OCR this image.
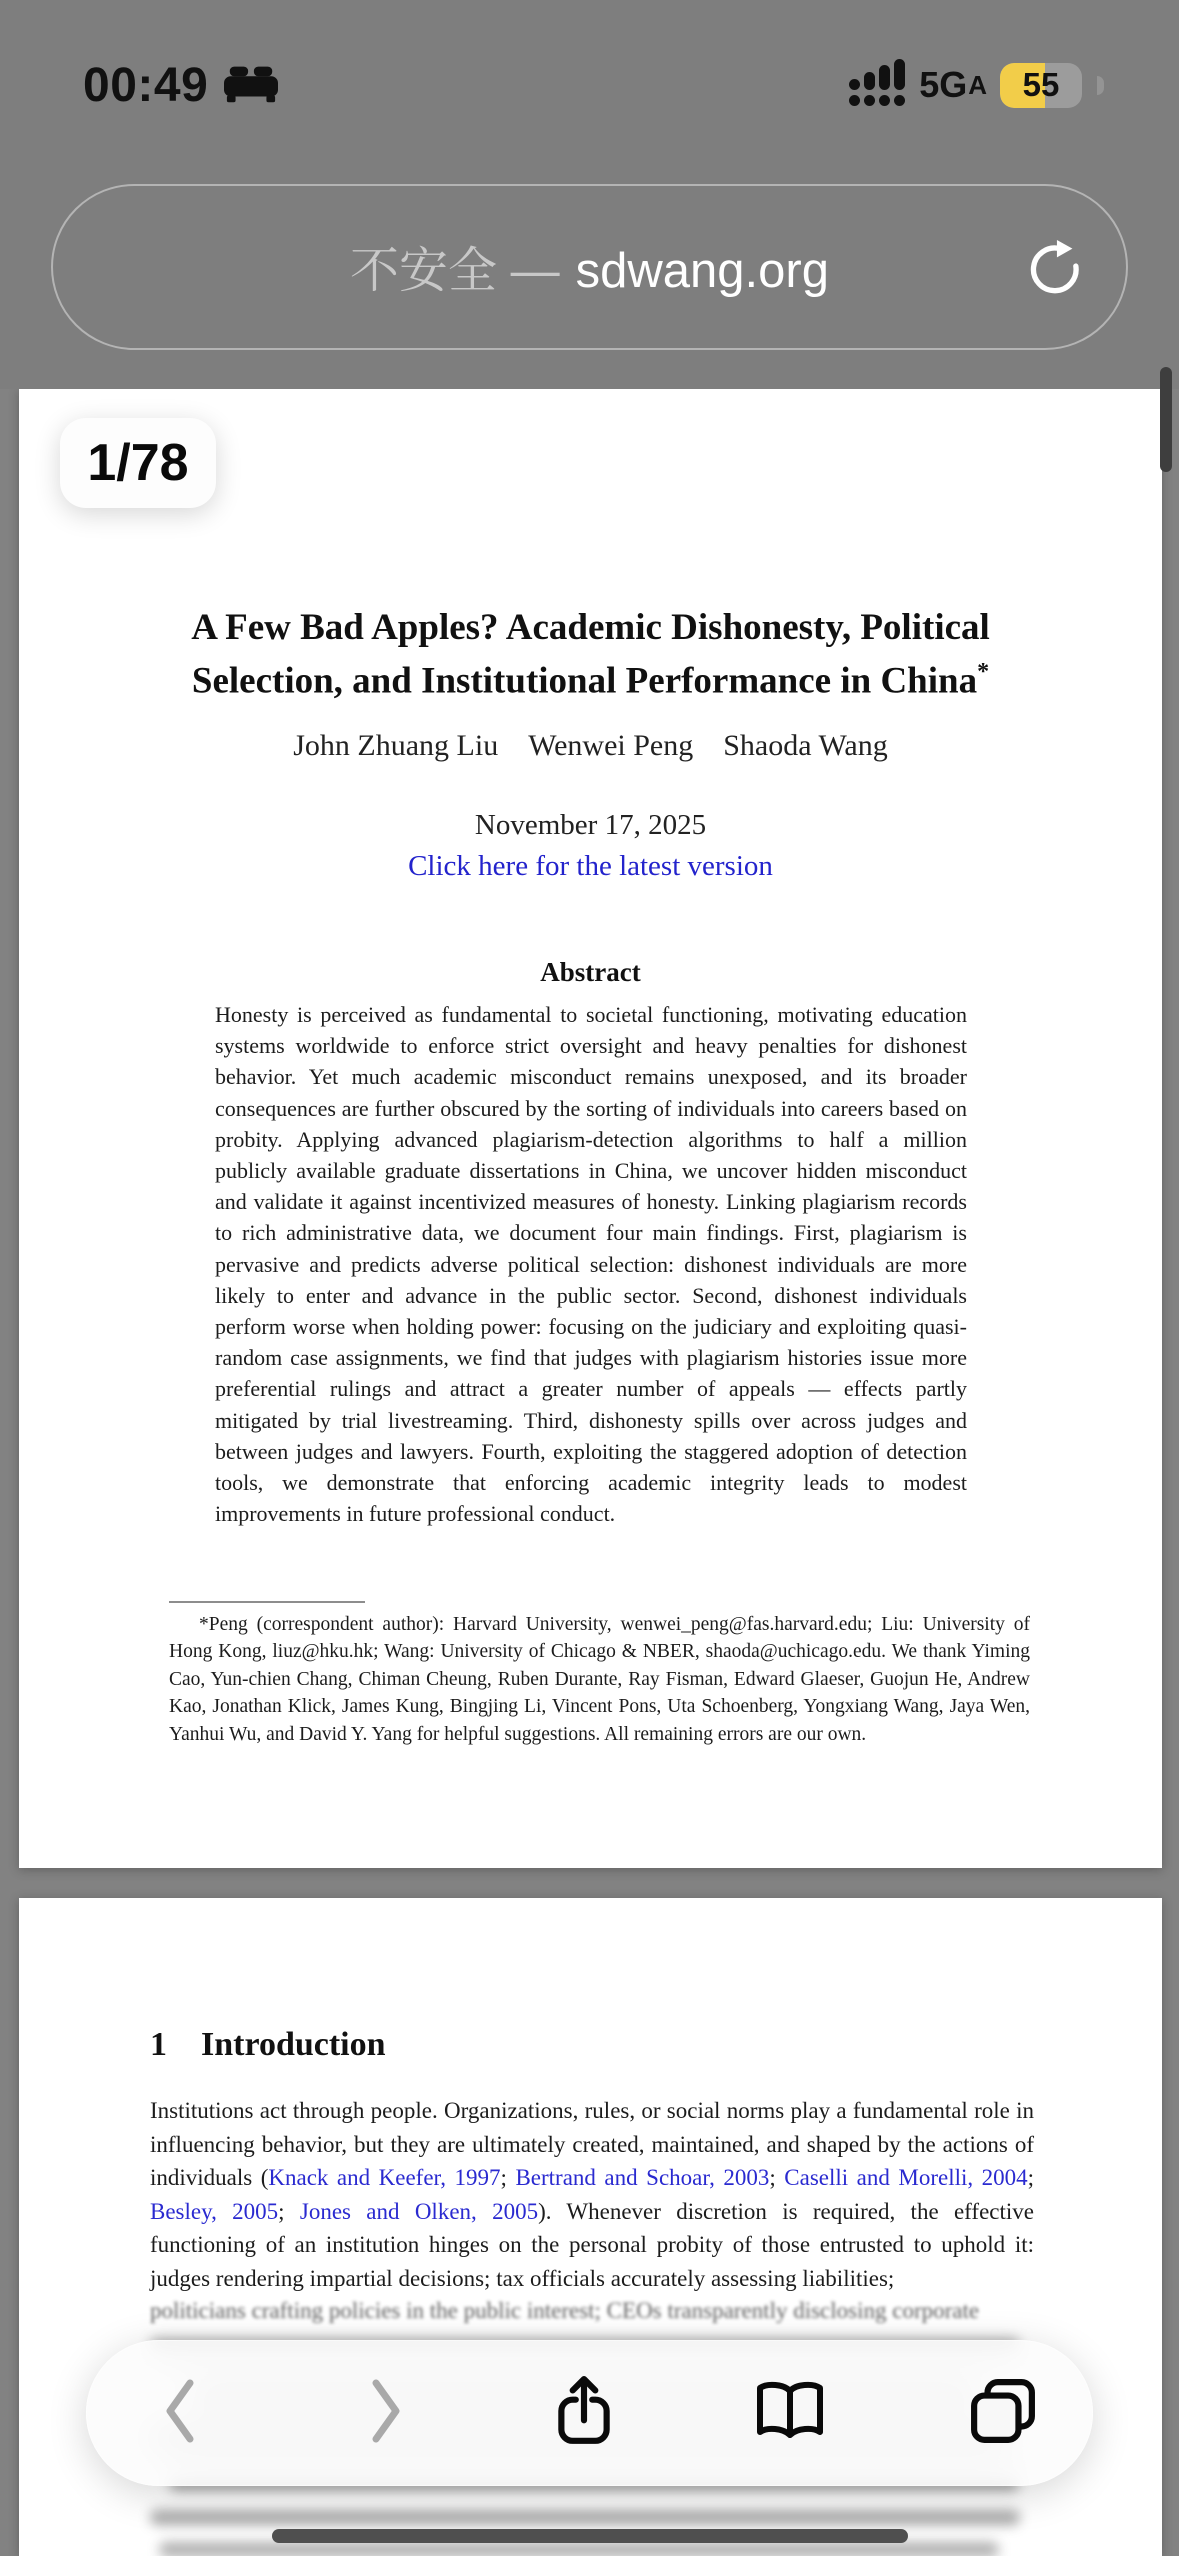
00:49	5G A	55
不安全 — sdwang.org
A Few Bad Apples? Academic Dishonesty, Political
Selection, and Institutional Performance in China*
John Zhuang Liu Wenwei Peng Shaoda Wang
November 17, 2025
Click here for the latest version
Abstract
Honesty is perceived as fundamental to societal functioning, motivating education systems worldwide to enforce strict oversight and heavy penalties for dishonest behavior. Yet much academic misconduct remains unexposed, and its broader consequences are further obscured by the sorting of individuals into careers based on probity. Applying advanced plagiarism-detection algorithms to half a million publicly available graduate dissertations in China, we uncover hidden misconduct and validate it against incentivized measures of honesty. Linking plagiarism records to rich administrative data, we document four main findings. First, plagiarism is pervasive and predicts adverse political selection: dishonest individuals are more likely to enter and advance in the public sector. Second, dishonest individuals perform worse when holding power: focusing on the judiciary and exploiting quasi-random case assignments, we find that judges with plagiarism histories issue more preferential rulings and attract a greater number of appeals — effects partly mitigated by trial livestreaming. Third, dishonesty spills over across judges and between judges and lawyers. Fourth, exploiting the staggered adoption of detection tools, we demonstrate that enforcing academic integrity leads to modest improvements in future professional conduct.
*Peng (correspondent author): Harvard University, wenwei_peng@fas.harvard.edu; Liu: University of Hong Kong, liuz@hku.hk; Wang: University of Chicago & NBER, shaoda@uchicago.edu. We thank Yiming Cao, Yun-chien Chang, Chiman Cheung, Ruben Durante, Ray Fisman, Edward Glaeser, Guojun He, Andrew Kao, Jonathan Klick, James Kung, Bingjing Li, Vincent Pons, Uta Schoenberg, Yongxiang Wang, Jaya Wen, Yanhui Wu, and David Y. Yang for helpful suggestions. All remaining errors are our own.
1/78
1 Introduction
Institutions act through people. Organizations, rules, or social norms play a fundamental role in influencing behavior, but they are ultimately created, maintained, and shaped by the actions of individuals (Knack and Keefer, 1997; Bertrand and Schoar, 2003; Caselli and Morelli, 2004; Besley, 2005; Jones and Olken, 2005). Whenever discretion is required, the effective functioning of an institution hinges on the personal probity of those entrusted to uphold it: judges rendering impartial decisions; tax officials accurately assessing liabilities;
politicians crafting policies in the public interest; CEOs transparently disclosing corporate
